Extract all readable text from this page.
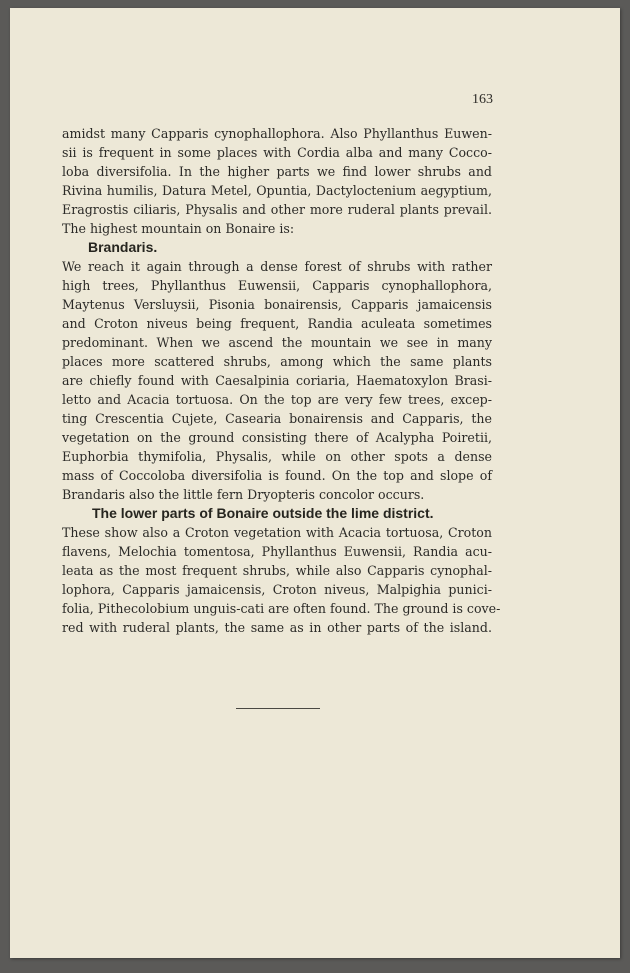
163
amidst many Capparis cynophallophora. Also Phyllanthus Euwen-
sii is frequent in some places with Cordia alba and many Cocco-
loba diversifolia. In the higher parts we find lower shrubs and
Rivina humilis, Datura Metel, Opuntia, Dactyloctenium aegyptium,
Eragrostis ciliaris, Physalis and other more ruderal plants prevail.
The highest mountain on Bonaire is:
Brandaris.
We reach it again through a dense forest of shrubs with rather
high trees, Phyllanthus Euwensii, Capparis cynophallophora,
Maytenus Versluysii, Pisonia bonairensis, Capparis jamaicensis
and Croton niveus being frequent, Randia aculeata sometimes
predominant. When we ascend the mountain we see in many
places more scattered shrubs, among which the same plants
are chiefly found with Caesalpinia coriaria, Haematoxylon Brasi-
letto and Acacia tortuosa. On the top are very few trees, excep-
ting Crescentia Cujete, Casearia bonairensis and Capparis, the
vegetation on the ground consisting there of Acalypha Poiretii,
Euphorbia thymifolia, Physalis, while on other spots a dense
mass of Coccoloba diversifolia is found. On the top and slope of
Brandaris also the little fern Dryopteris concolor occurs.
The lower parts of Bonaire outside the lime district.
These show also a Croton vegetation with Acacia tortuosa, Croton
flavens, Melochia tomentosa, Phyllanthus Euwensii, Randia acu-
leata as the most frequent shrubs, while also Capparis cynophal-
lophora, Capparis jamaicensis, Croton niveus, Malpighia punici-
folia, Pithecolobium unguis-cati are often found. The ground is cove-
red with ruderal plants, the same as in other parts of the island.
